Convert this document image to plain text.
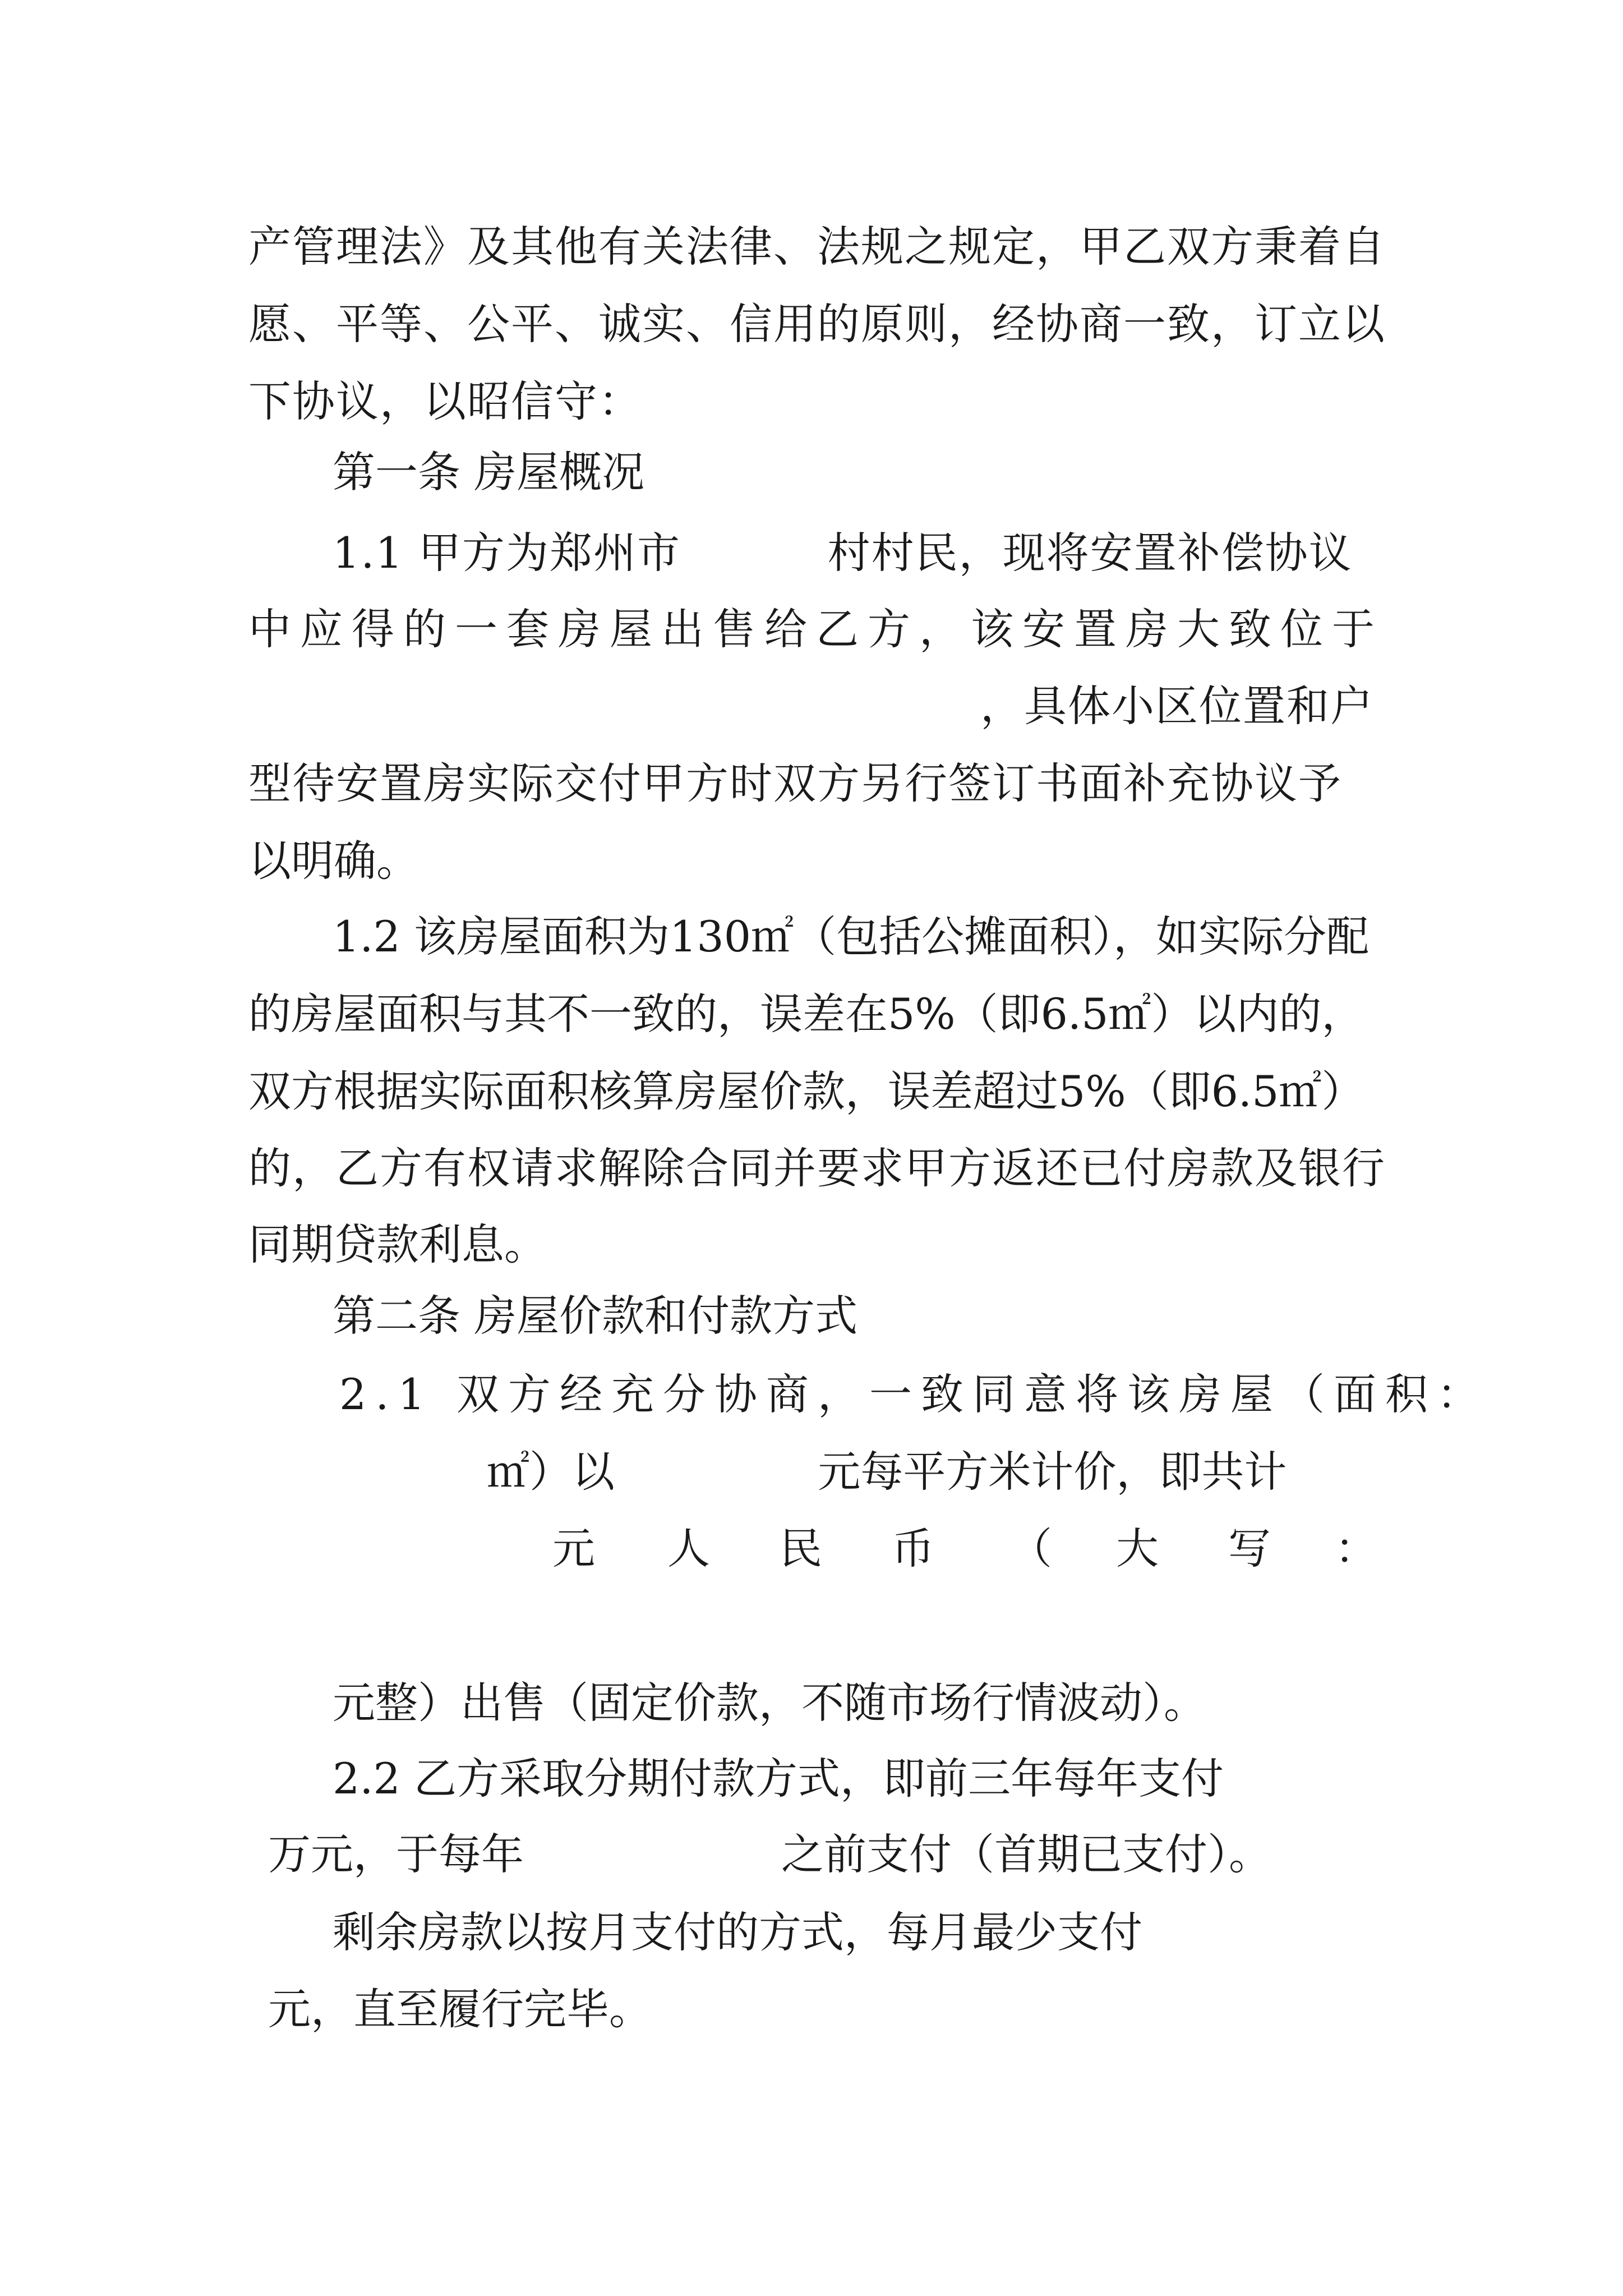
产管理法》及其他有关法律、法规之规定，甲乙双方秉着自
愿、平等、公平、诚实、信用的原则，经协商一致，订立以
下协议，以昭信守：
第一条 房屋概况
1.1 甲方为郑州市          村村民，现将安置补偿协议
中应得的一套房屋出售给乙方，该安置房大致位于
，具体小区位置和户
型待安置房实际交付甲方时双方另行签订书面补充协议予
以明确。
1.2 该房屋面积为130㎡（包括公摊面积），如实际分配
的房屋面积与其不一致的，误差在5%（即6.5㎡）以内的，
双方根据实际面积核算房屋价款，误差超过5%（即6.5㎡）
的，乙方有权请求解除合同并要求甲方返还已付房款及银行
同期贷款利息。
第二条 房屋价款和付款方式
2.1 双方经充分协商，一致同意将该房屋（面积：
㎡）以               元每平方米计价，即共计
元 人 民 币 （ 大 写 ：
元整）出售（固定价款，不随市场行情波动）。
2.2 乙方采取分期付款方式，即前三年每年支付
万元，于每年                   之前支付（首期已支付）。
剩余房款以按月支付的方式，每月最少支付
元，直至履行完毕。
